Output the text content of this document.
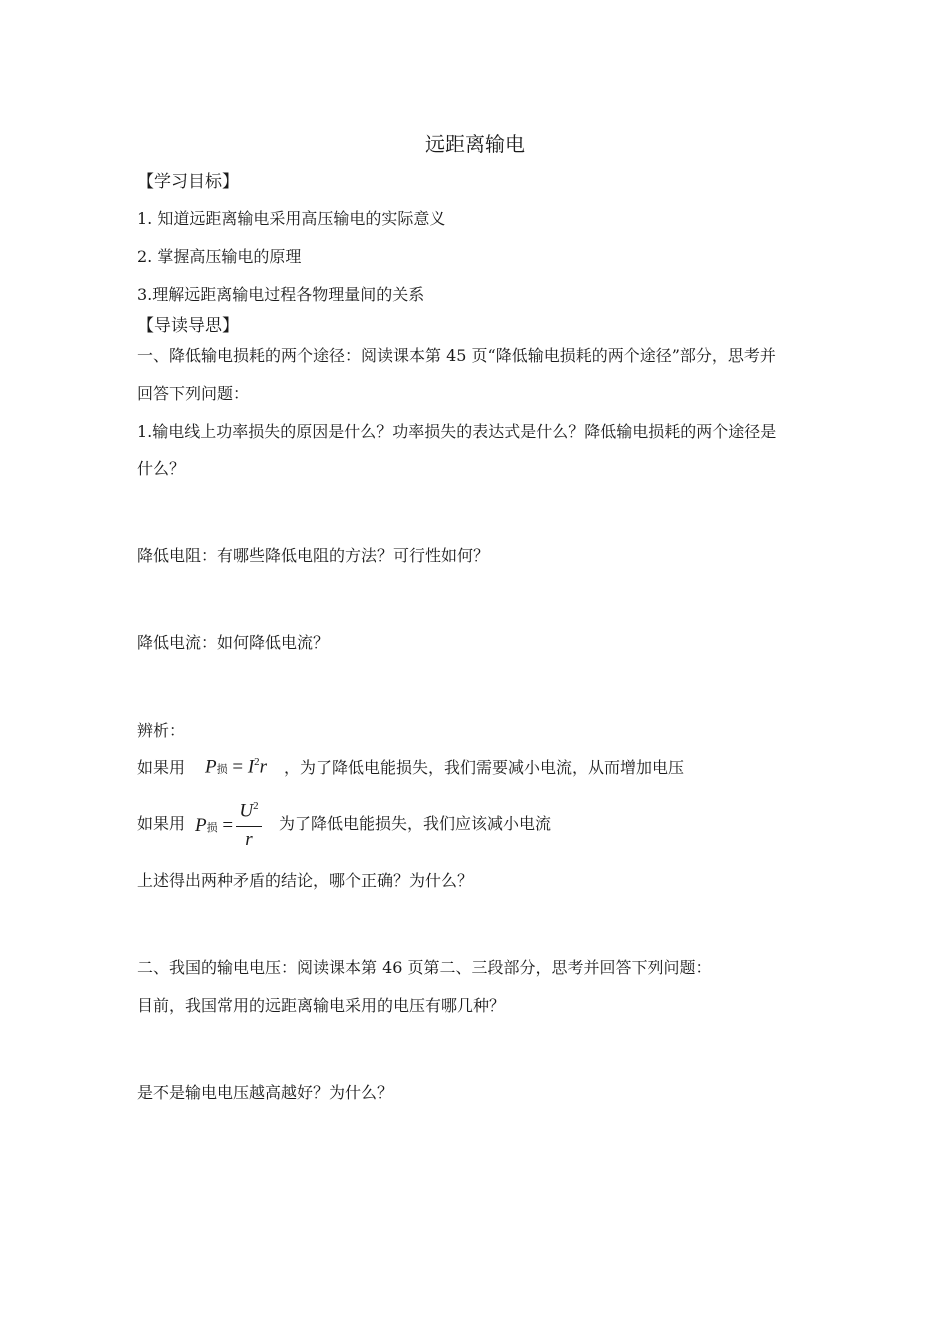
远距离输电
【学习目标】
1. 知道远距离输电采用高压输电的实际意义
2. 掌握高压输电的原理
3.理解远距离输电过程各物理量间的关系
【导读导思】
一、降低输电损耗的两个途径：阅读课本第 45 页“降低输电损耗的两个途径”部分，思考并
回答下列问题：
1.输电线上功率损失的原因是什么？功率损失的表达式是什么？降低输电损耗的两个途径是
什么？
降低电阻：有哪些降低电阻的方法？可行性如何？
降低电流：如何降低电流？
辨析：
如果用 P损 = $I^2r$ ，为了降低电能损失，我们需要减小电流，从而增加电压
如果用 P损 =
$U^2$
r
为了降低电能损失，我们应该减小电流
上述得出两种矛盾的结论，哪个正确？为什么？
二、我国的输电电压：阅读课本第 46 页第二、三段部分，思考并回答下列问题：
目前，我国常用的远距离输电采用的电压有哪几种？
是不是输电电压越高越好？为什么？
